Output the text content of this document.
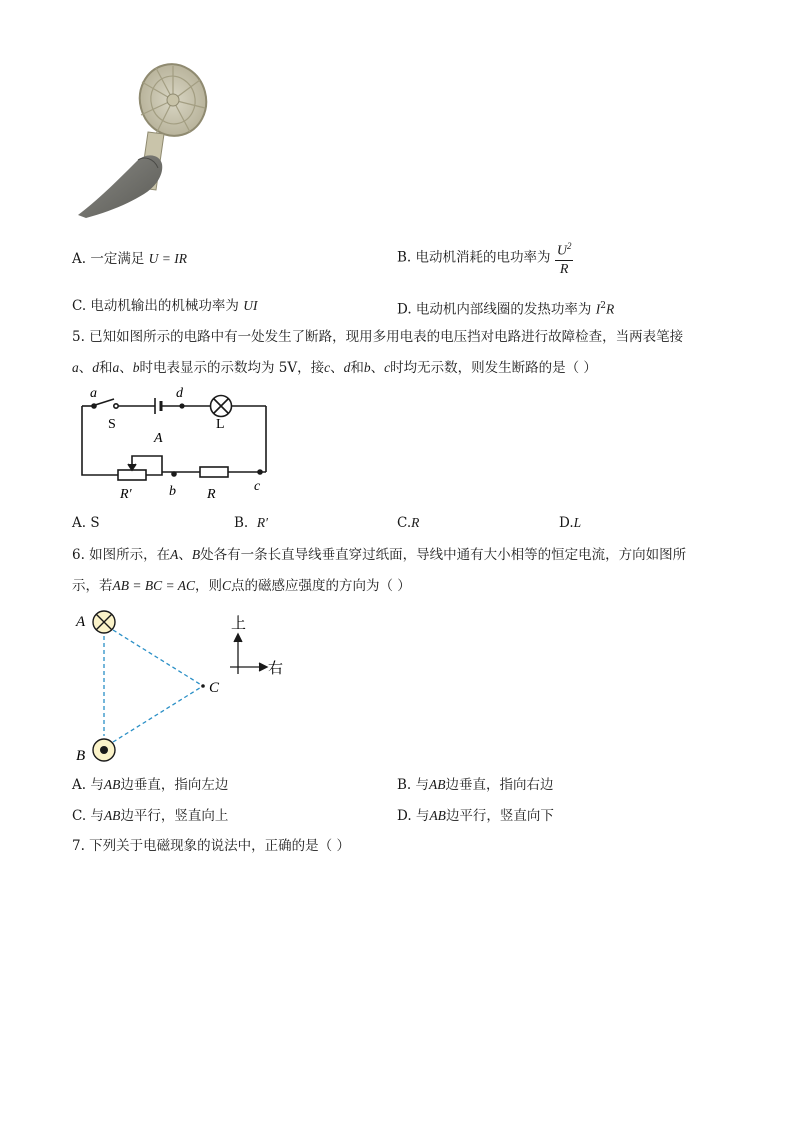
A. 一定满足 U = IR	B. 电动机消耗的电功率为 $\frac{U^2}{R}$
C. 电动机输出的机械功率为 UI	D. 电动机内部线圈的发热功率为 $I^2R$
5. 已知如图所示的电路中有一处发生了断路，现用多用电表的电压挡对电路进行故障检查，当两表笔接
a、d和a、b时电表显示的示数均为 5V，接c、d和b、c时均无示数，则发生断路的是（ ）
a	d
S	L
A
R′	b R
c
A. S	B. R′	C.R	D.L
6. 如图所示，在A、B处各有一条长直导线垂直穿过纸面，导线中通有大小相等的恒定电流，方向如图所
示，若AB = BC = AC，则C点的磁感应强度的方向为（ ）
A
B
C
上
右
A. 与AB边垂直，指向左边	B. 与AB边垂直，指向右边
C. 与AB边平行，竖直向上	D. 与AB边平行，竖直向下
7. 下列关于电磁现象的说法中，正确的是（ ）
